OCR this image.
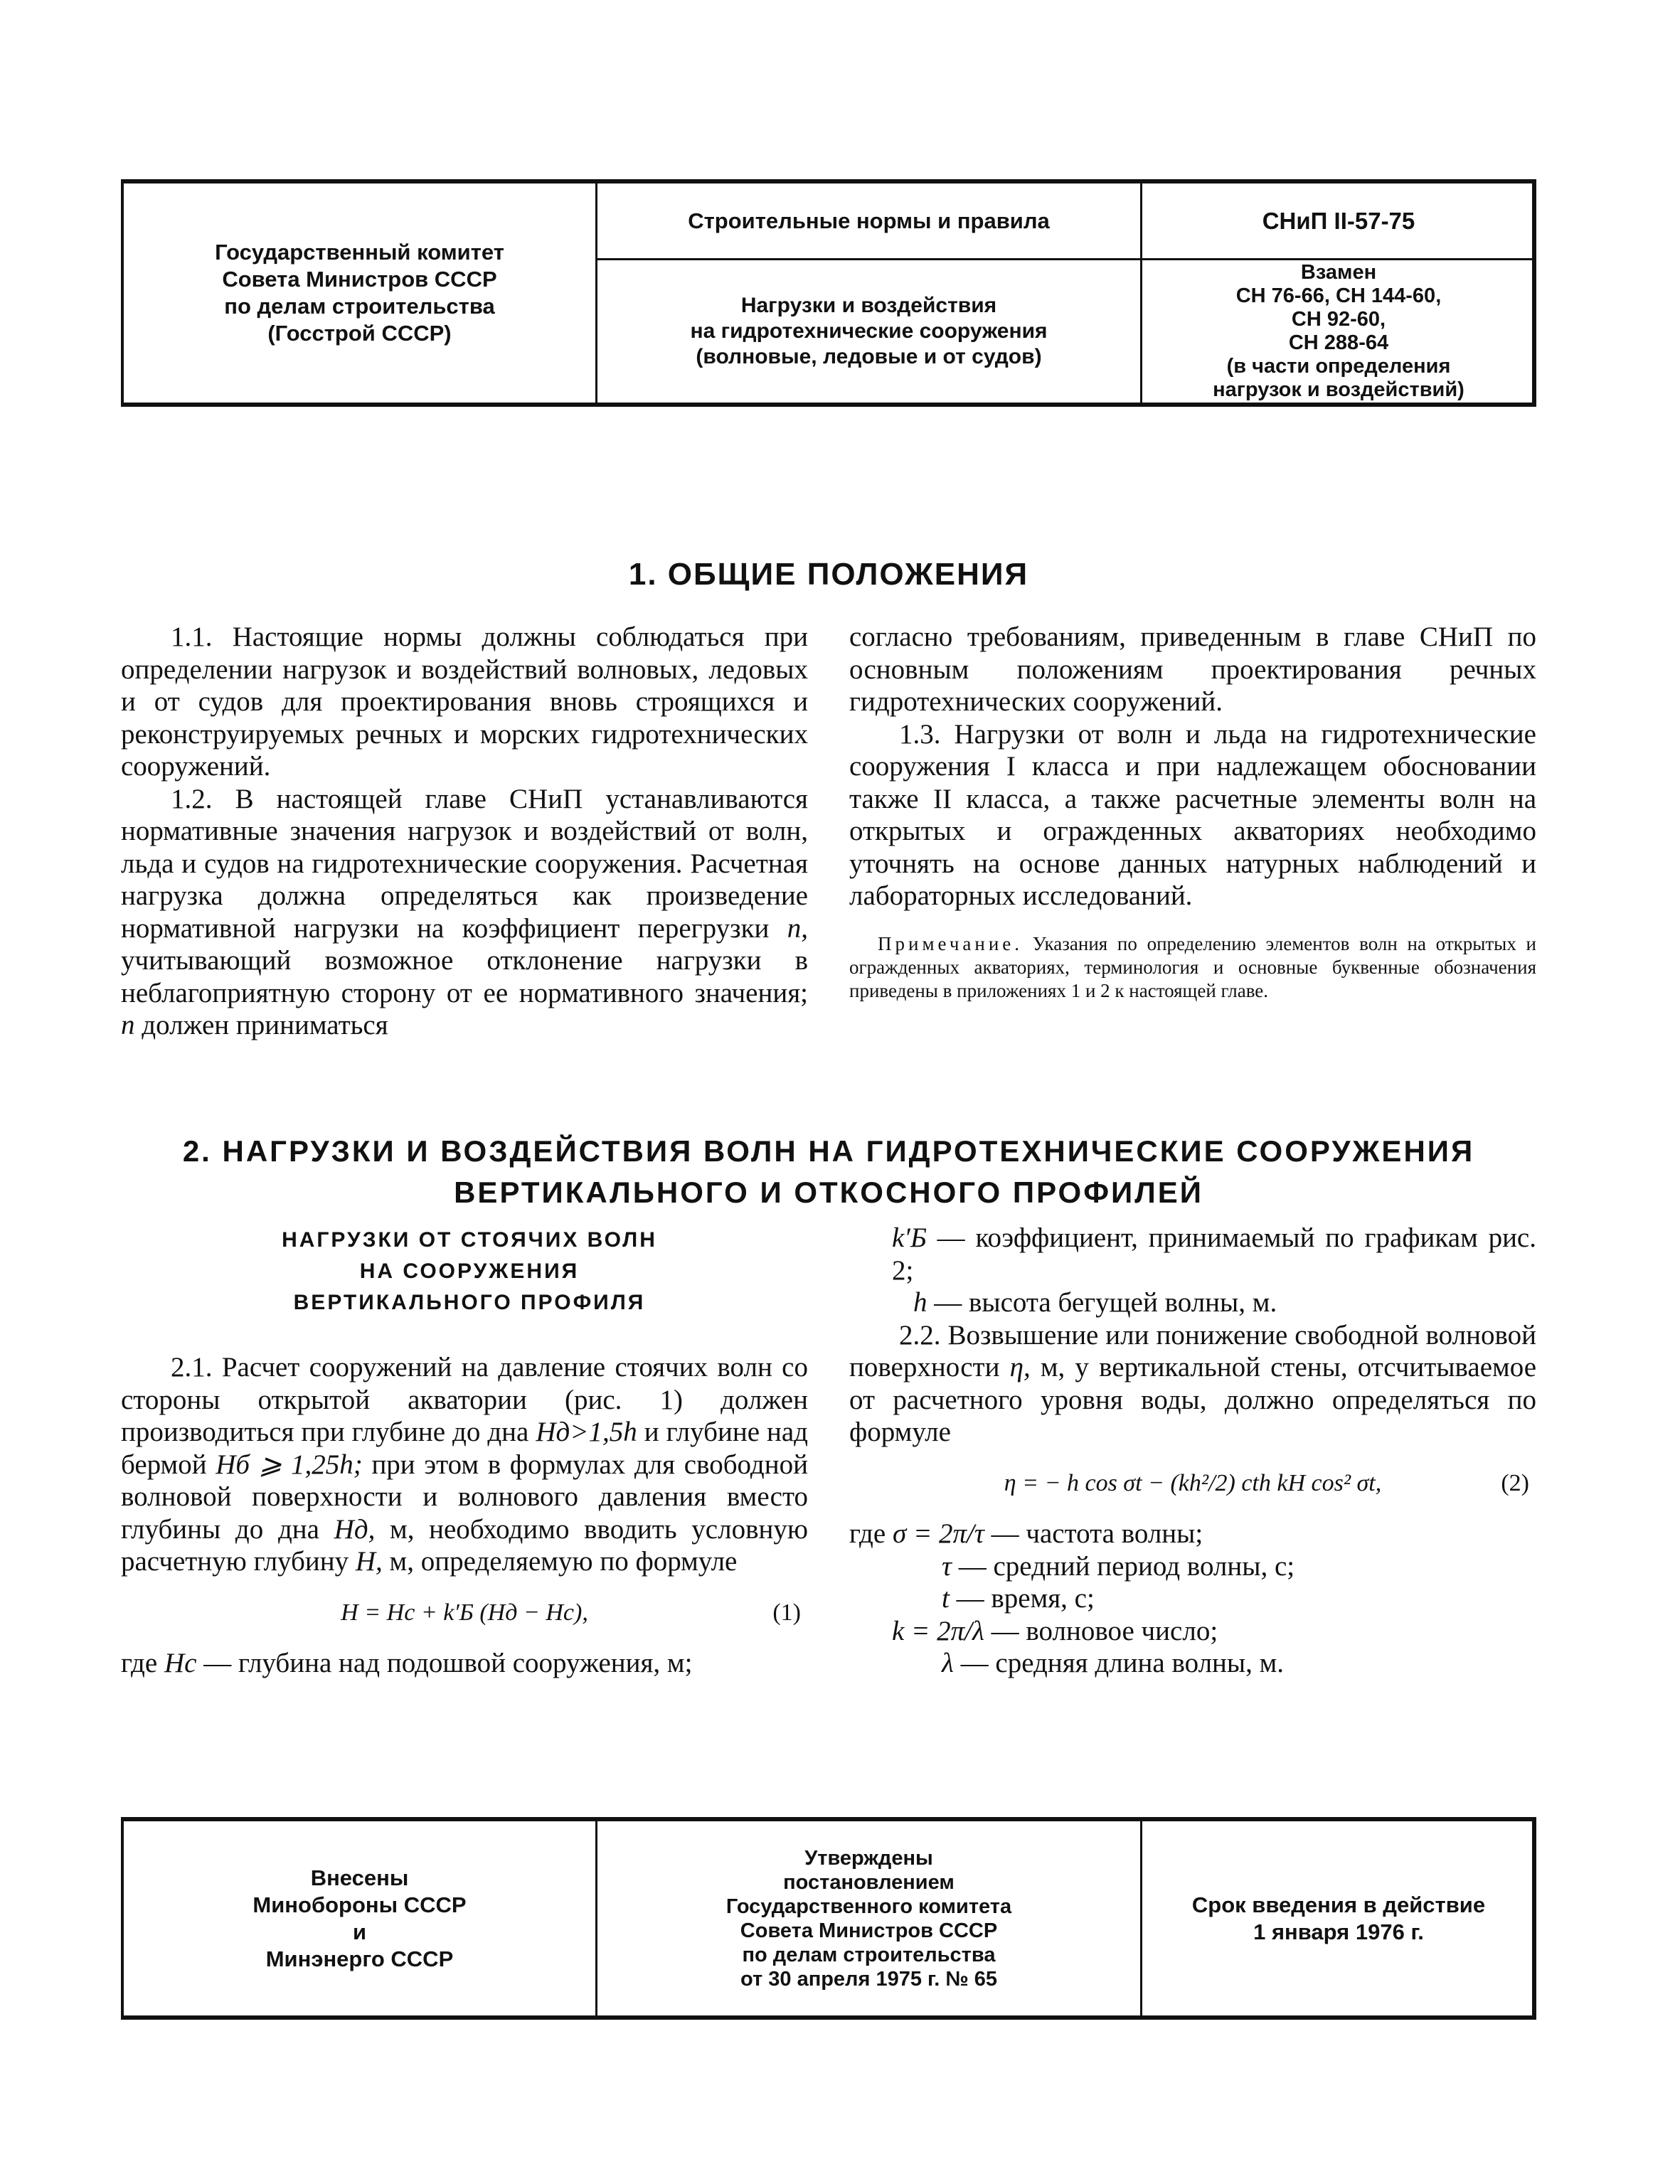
Государственный комитет
Совета Министров СССР
по делам строительства
(Госстрой СССР)
Строительные нормы и правила
Нагрузки и воздействия
на гидротехнические сооружения
(волновые, ледовые и от судов)
СНиП II-57-75
Взамен
СН 76-66, СН 144-60,
СН 92-60,
СН 288-64
(в части определения
нагрузок и воздействий)
1. ОБЩИЕ ПОЛОЖЕНИЯ

1.1. Настоящие нормы должны соблюдаться при определении нагрузок и воздействий волновых, ледовых и от судов для проектирования вновь строящихся и реконструируемых речных и морских гидротехнических сооружений.

1.2. В настоящей главе СНиП устанавливаются нормативные значения нагрузок и воздействий от волн, льда и судов на гидротехнические сооружения. Расчетная нагрузка должна определяться как произведение нормативной нагрузки на коэффициент перегрузки n, учитывающий возможное отклонение нагрузки в неблагоприятную сторону от ее нормативного значения; n должен приниматься

согласно требованиям, приведенным в главе СНиП по основным положениям проектирования речных гидротехнических сооружений.

1.3. Нагрузки от волн и льда на гидротехнические сооружения I класса и при надлежащем обосновании также II класса, а также расчетные элементы волн на открытых и огражденных акваториях необходимо уточнять на основе данных натурных наблюдений и лабораторных исследований.

Примечание. Указания по определению элементов волн на открытых и огражденных акваториях, терминология и основные буквенные обозначения приведены в приложениях 1 и 2 к настоящей главе.
2. НАГРУЗКИ И ВОЗДЕЙСТВИЯ ВОЛН НА ГИДРОТЕХНИЧЕСКИЕ СООРУЖЕНИЯ
ВЕРТИКАЛЬНОГО И ОТКОСНОГО ПРОФИЛЕЙ
НАГРУЗКИ ОТ СТОЯЧИХ ВОЛН
НА СООРУЖЕНИЯ
ВЕРТИКАЛЬНОГО ПРОФИЛЯ

2.1. Расчет сооружений на давление стоячих волн со стороны открытой акватории (рис. 1) должен производиться при глубине до дна Hд>1,5h и глубине над бермой Hб ⩾ 1,25h; при этом в формулах для свободной волновой поверхности и волнового давления вместо глубины до дна Hд, м, необходимо вводить условную расчетную глубину H, м, определяемую по формуле

H = Hс + k′Б (Hд − Hс),	(1)

где Hс — глубина над подошвой сооружения, м;

k′Б — коэффициент, принимаемый по графикам рис. 2;

h — высота бегущей волны, м.

2.2. Возвышение или понижение свободной волновой поверхности η, м, у вертикальной стены, отсчитываемое от расчетного уровня воды, должно определяться по формуле

η = − h cos σt − (kh²/2) cth kH cos² σt,	(2)

где σ = 2π/τ — частота волны;

τ — средний период волны, с;

t — время, с;

k = 2π/λ — волновое число;

λ — средняя длина волны, м.

Внесены
Минобороны СССР
и
Минэнерго СССР
Утверждены
постановлением
Государственного комитета
Совета Министров СССР
по делам строительства
от 30 апреля 1975 г. № 65
Срок введения в действие
1 января 1976 г.
